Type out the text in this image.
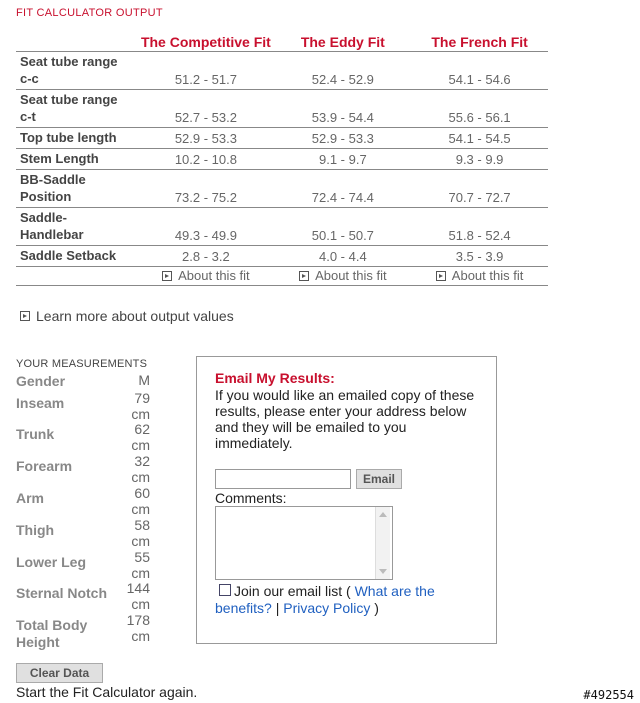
FIT CALCULATOR OUTPUT
	The Competitive Fit	The Eddy Fit	The French Fit

Seat tube range
c-c	51.2 - 51.7	52.4 - 52.9	54.1 - 54.6

Seat tube range
c-t	52.7 - 53.2	53.9 - 54.4	55.6 - 56.1

Top tube length	52.9 - 53.3	52.9 - 53.3	54.1 - 54.5

Stem Length	10.2 - 10.8	9.1 - 9.7	9.3 - 9.9

BB-Saddle
Position	73.2 - 75.2	72.4 - 74.4	70.7 - 72.7

Saddle-
Handlebar	49.3 - 49.9	50.1 - 50.7	51.8 - 52.4

Saddle Setback	2.8 - 3.2	4.0 - 4.4	3.5 - 3.9
	About this fit	About this fit	About this fit
Learn more about output values
YOUR MEASUREMENTS
Gender	M
Inseam	79
cm
Trunk	62
cm
Forearm	32
cm
Arm	60
cm
Thigh	58
cm
Lower Leg	55
cm
Sternal Notch	144
cm
Total Body
Height
178
cm
Email My Results:
If you would like an emailed copy of these results, please enter your address below and they will be emailed to you immediately.
Email
Comments:
Join our email list ( What are the benefits? | Privacy Policy )
Clear Data
Start the Fit Calculator again.	#492554
